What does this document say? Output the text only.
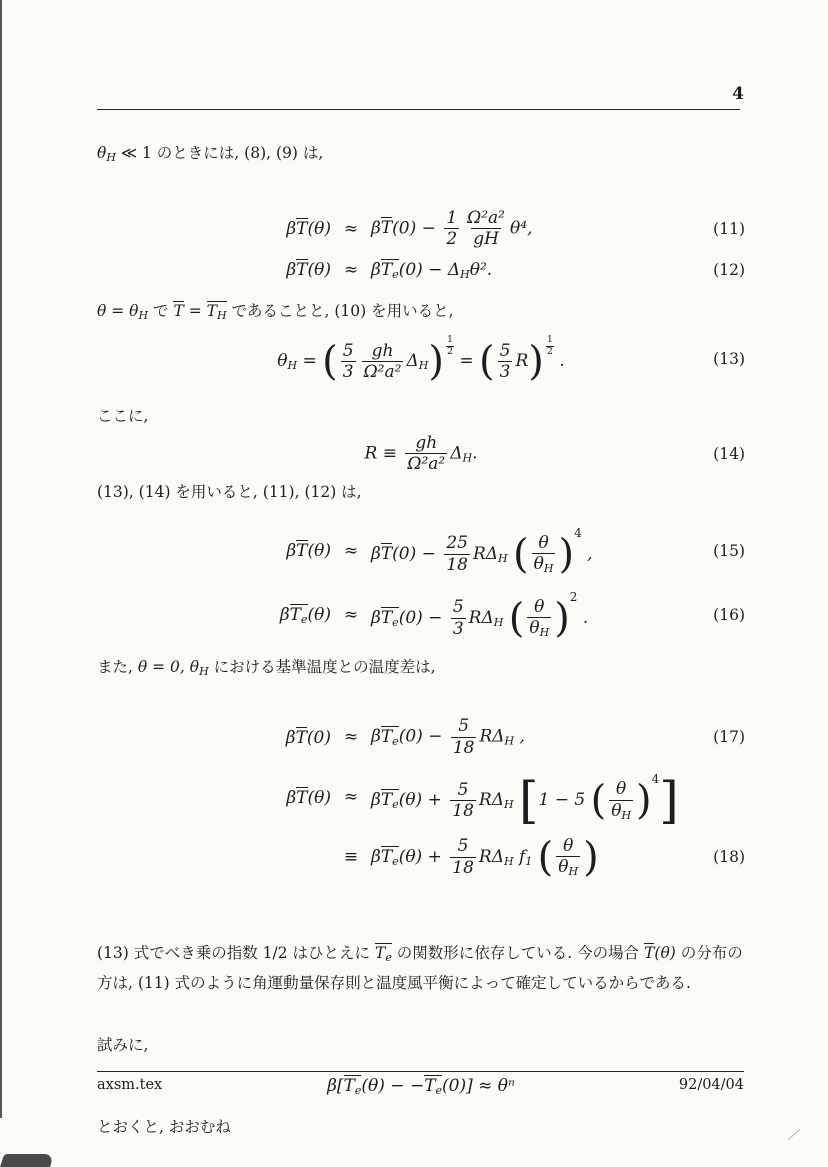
4
$\theta_H$ ≪ 1 のときには, (8), (9) は,
$\beta T(\theta) \approx \beta T(0) - \frac{1}{2} \frac{\text{Ω²a²}}{gH} \theta^4$,	(11)
$\beta T(\theta) \approx \beta T_e(0) - \Delta_H\theta^2$.	(12)
$\theta = \theta_H$ で $T = T_H$ であることと, (10) を用いると,
$\theta_H$ = ( $\frac{5}{3} \frac{gh}{\text{Ω²a²}} \Delta_H) \frac{1}{2}$
= ( $\frac{5}{3} R) \frac{1}{2}$
.	(13)
ここに,
$R \equiv \frac{gh}{\text{Ω²a²}} \Delta_H$.	(14)
(13), (14) を用いると, (11), (12) は,
$\beta T(\theta) \approx \beta T(0) - \frac{25}{18} R\Delta_H$ ( $\frac{\theta}{\theta_H} )^4$ ,	(15)
$\beta T_e(\theta) \approx \beta T_e(0) - \frac{5}{3} R\Delta_H$ ( $\frac{\theta}{\theta_H} )^2$ .	(16)
また, θ = 0, $\theta_H$ における基準温度との温度差は,
$\beta T(0) \approx \beta T_e(0) - \frac{5}{18} R\Delta_H$ ,	(17)
$\beta T(\theta) \approx \beta T_e(\theta) + \frac{5}{18} R\Delta_H$ [1 − 5 ( $\frac{\theta}{\theta_H} )^4$]
≡ $\beta T_e(\theta) + \frac{5}{18} R\Delta_H$ $f_1$ ( $\frac{\theta}{\theta_H}$ )	(18)
(13) 式でべき乗の指数 1/2 はひとえに $T_e$ の関数形に依存している. 今の場合 T(θ) の分布の方は, (11) 式のように角運動量保存則と温度風平衡によって確定しているからである.
試みに,
$\beta[T_e(\theta) - -T_e(0)] \approx \theta^n$
とおくと, おおむね
axsm.tex	92/04/04
